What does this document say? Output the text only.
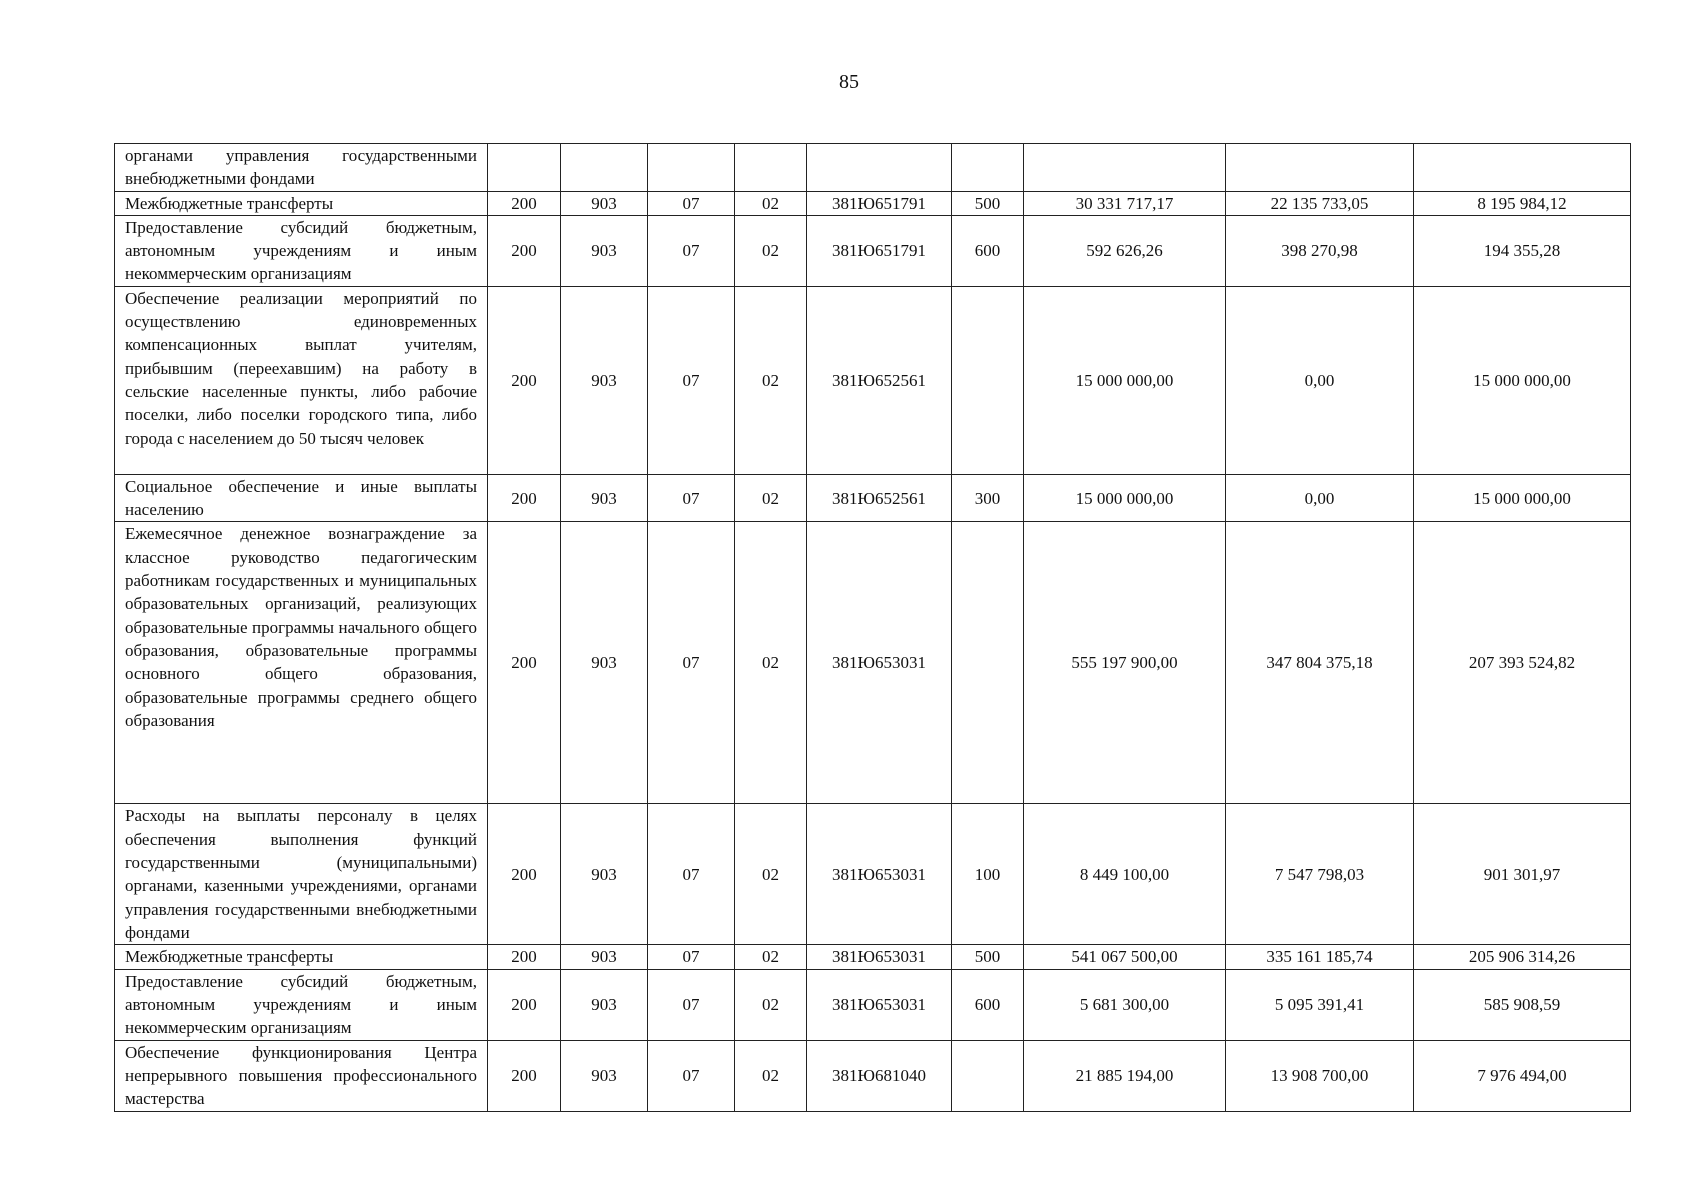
85
органами управления государственными внебюджетными фондами									
Межбюджетные трансферты	200	903	07	02	381Ю651791	500	30 331 717,17	22 135 733,05	8 195 984,12
Предоставление субсидий бюджетным, автономным учреждениям и иным некоммерческим организациям	200	903	07	02	381Ю651791	600	592 626,26	398 270,98	194 355,28
Обеспечение реализации мероприятий по осуществлению единовременных компенсационных выплат учителям, прибывшим (переехавшим) на работу в сельские населенные пункты, либо рабочие поселки, либо поселки городского типа, либо города с населением до 50 тысяч человек	200	903	07	02	381Ю652561		15 000 000,00	0,00	15 000 000,00
Социальное обеспечение и иные выплаты населению	200	903	07	02	381Ю652561	300	15 000 000,00	0,00	15 000 000,00
Ежемесячное денежное вознаграждение за классное руководство педагогическим работникам государственных и муниципальных образовательных организаций, реализующих образовательные программы начального общего образования, образовательные программы основного общего образования, образовательные программы среднего общего образования	200	903	07	02	381Ю653031		555 197 900,00	347 804 375,18	207 393 524,82
Расходы на выплаты персоналу в целях обеспечения выполнения функций государственными (муниципальными) органами, казенными учреждениями, органами управления государственными внебюджетными фондами	200	903	07	02	381Ю653031	100	8 449 100,00	7 547 798,03	901 301,97
Межбюджетные трансферты	200	903	07	02	381Ю653031	500	541 067 500,00	335 161 185,74	205 906 314,26
Предоставление субсидий бюджетным, автономным учреждениям и иным некоммерческим организациям	200	903	07	02	381Ю653031	600	5 681 300,00	5 095 391,41	585 908,59
Обеспечение функционирования Центра непрерывного повышения профессионального мастерства	200	903	07	02	381Ю681040		21 885 194,00	13 908 700,00	7 976 494,00
